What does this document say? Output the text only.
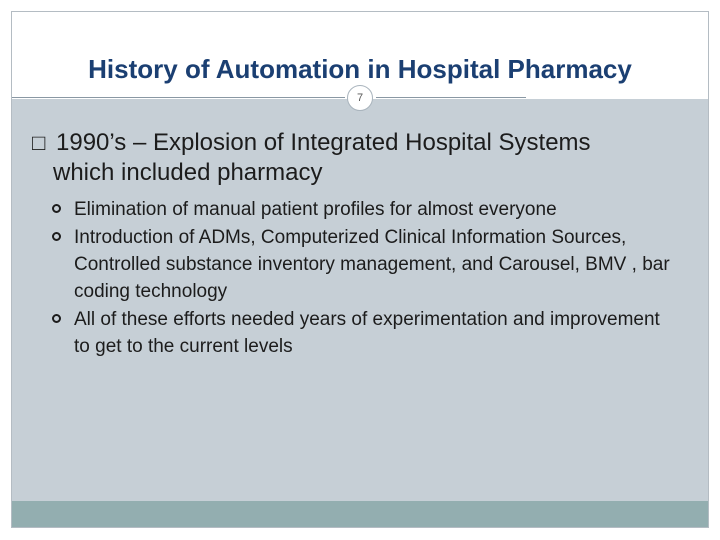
History of Automation in Hospital Pharmacy
7
□ 1990’s – Explosion of Integrated Hospital Systems
which included pharmacy
Elimination of manual patient profiles for almost everyone
Introduction of ADMs, Computerized Clinical Information Sources, Controlled substance inventory management, and Carousel, BMV , bar coding technology
All of these efforts needed years of experimentation and improvement to get to the current levels
